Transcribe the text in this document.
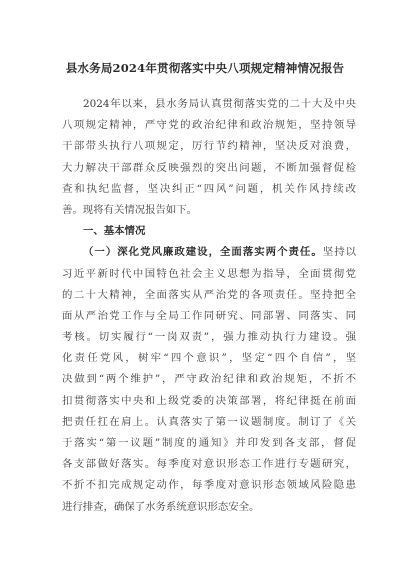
县水务局2024年贯彻落实中央八项规定精神情况报告
2024年以来，县水务局认真贯彻落实党的二十大及中央
八项规定精神，严守党的政治纪律和政治规矩，坚持领导
干部带头执行八项规定，厉行节约精神，坚决反对浪费，
大力解决干部群众反映强烈的突出问题，不断加强督促检
查和执纪监督，坚决纠正“四风”问题，机关作风持续改
善。现将有关情况报告如下。
一、基本情况
（一）深化党风廉政建设，全面落实两个责任。坚持以
习近平新时代中国特色社会主义思想为指导，全面贯彻党
的二十大精神，全面落实从严治党的各项责任。坚持把全
面从严治党工作与全局工作同研究、同部署、同落实、同
考核。切实履行“一岗双责”，强力推动执行力建设。强
化责任党风，树牢“四个意识”，坚定“四个自信”，坚
决做到“两个维护”，严守政治纪律和政治规矩，不折不
扣贯彻落实中央和上级党委的决策部署，将纪律挺在前面
把责任扛在肩上。认真落实了第一议题制度。制订了《关
于落实“第一议题”制度的通知》并印发到各支部，督促
各支部做好落实。每季度对意识形态工作进行专题研究，
不折不扣完成规定动作，每季度对意识形态领域风险隐患
进行排查，确保了水务系统意识形态安全。
